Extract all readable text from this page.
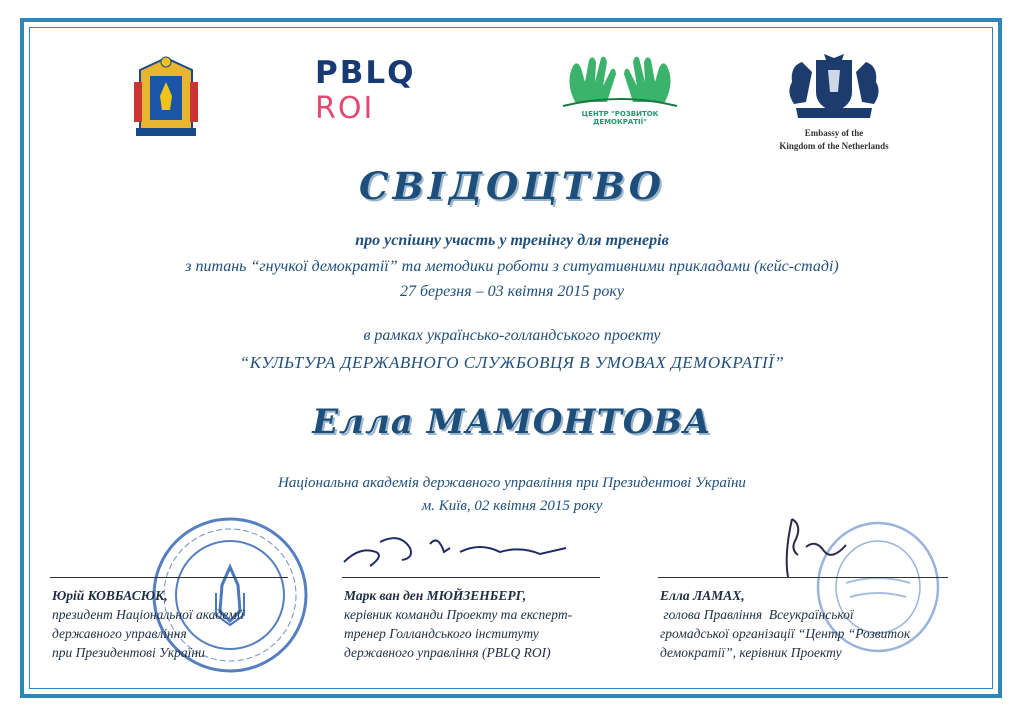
PBLQ
ROI	ЦЕНТР "РОЗВИТОК ДЕМОКРАТІЇ"
Embassy of the
Kingdom of the Netherlands
СВІДОЦТВО
про успішну участь у тренінгу для тренерів
з питань “гнучкої демократії” та методики роботи з ситуативними прикладами (кейс-стаді)
27 березня – 03 квітня 2015 року
в рамках українсько-голландського проекту
“КУЛЬТУРА ДЕРЖАВНОГО СЛУЖБОВЦЯ В УМОВАХ ДЕМОКРАТІЇ”
Елла МАМОНТОВА
Національна академія державного управління при Президентові України
м. Київ, 02 квітня 2015 року
Юрій КОВБАСЮК,
президент Національної академії
державного управління
при Президентові України
Марк ван ден МЮЙЗЕНБЕРГ,
керівник команди Проекту та експерт-
тренер Голландського інституту
державного управління (PBLQ ROI)
Елла ЛАМАХ,
голова Правління  Всеукраїнської
громадської організації “Центр “Розвиток
демократії”, керівник Проекту
